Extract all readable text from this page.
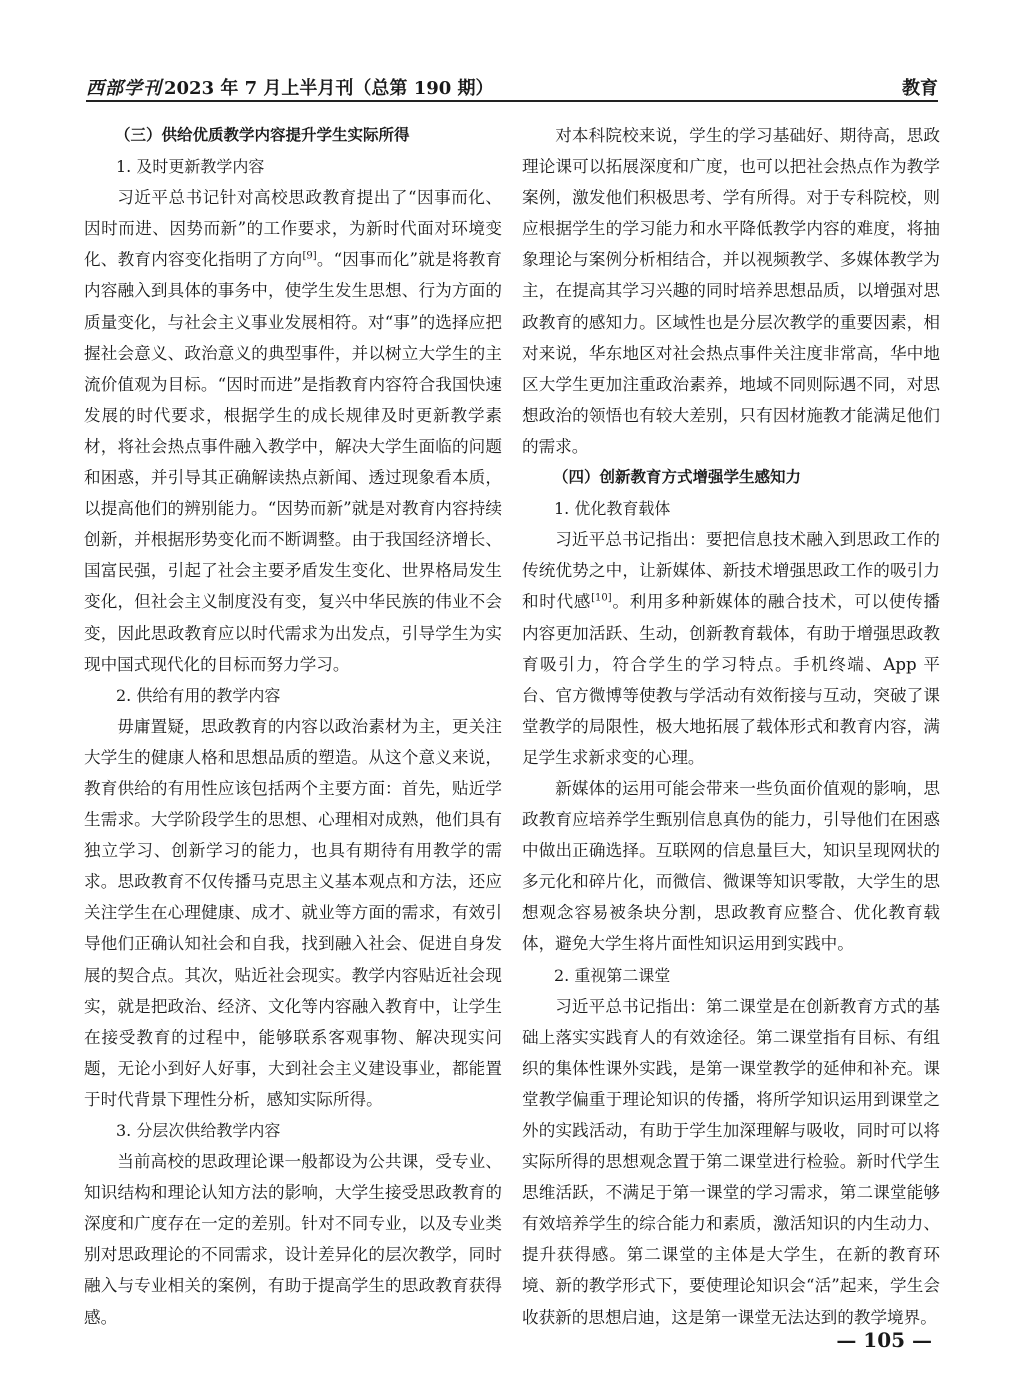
西部学刊 2023 年 7 月上半月刊（总第 190 期）	教育

（三）供给优质教学内容提升学生实际所得

1. 及时更新教学内容

习近平总书记针对高校思政教育提出了“因事而化、因时而进、因势而新”的工作要求，为新时代面对环境变化、教育内容变化指明了方向[9]。“因事而化”就是将教育内容融入到具体的事务中，使学生发生思想、行为方面的质量变化，与社会主义事业发展相符。对“事”的选择应把握社会意义、政治意义的典型事件，并以树立大学生的主流价值观为目标。“因时而进”是指教育内容符合我国快速发展的时代要求，根据学生的成长规律及时更新教学素材，将社会热点事件融入教学中，解决大学生面临的问题和困惑，并引导其正确解读热点新闻、透过现象看本质，以提高他们的辨别能力。“因势而新”就是对教育内容持续创新，并根据形势变化而不断调整。由于我国经济增长、国富民强，引起了社会主要矛盾发生变化、世界格局发生变化，但社会主义制度没有变，复兴中华民族的伟业不会变，因此思政教育应以时代需求为出发点，引导学生为实现中国式现代化的目标而努力学习。

2. 供给有用的教学内容

毋庸置疑，思政教育的内容以政治素材为主，更关注大学生的健康人格和思想品质的塑造。从这个意义来说，教育供给的有用性应该包括两个主要方面：首先，贴近学生需求。大学阶段学生的思想、心理相对成熟，他们具有独立学习、创新学习的能力，也具有期待有用教学的需求。思政教育不仅传播马克思主义基本观点和方法，还应关注学生在心理健康、成才、就业等方面的需求，有效引导他们正确认知社会和自我，找到融入社会、促进自身发展的契合点。其次，贴近社会现实。教学内容贴近社会现实，就是把政治、经济、文化等内容融入教育中，让学生在接受教育的过程中，能够联系客观事物、解决现实问题，无论小到好人好事，大到社会主义建设事业，都能置于时代背景下理性分析，感知实际所得。

3. 分层次供给教学内容

当前高校的思政理论课一般都设为公共课，受专业、知识结构和理论认知方法的影响，大学生接受思政教育的深度和广度存在一定的差别。针对不同专业，以及专业类别对思政理论的不同需求，设计差异化的层次教学，同时融入与专业相关的案例，有助于提高学生的思政教育获得感。

对本科院校来说，学生的学习基础好、期待高，思政理论课可以拓展深度和广度，也可以把社会热点作为教学案例，激发他们积极思考、学有所得。对于专科院校，则应根据学生的学习能力和水平降低教学内容的难度，将抽象理论与案例分析相结合，并以视频教学、多媒体教学为主，在提高其学习兴趣的同时培养思想品质，以增强对思政教育的感知力。区域性也是分层次教学的重要因素，相对来说，华东地区对社会热点事件关注度非常高，华中地区大学生更加注重政治素养，地域不同则际遇不同，对思想政治的领悟也有较大差别，只有因材施教才能满足他们的需求。

（四）创新教育方式增强学生感知力

1. 优化教育载体

习近平总书记指出：要把信息技术融入到思政工作的传统优势之中，让新媒体、新技术增强思政工作的吸引力和时代感[10]。利用多种新媒体的融合技术，可以使传播内容更加活跃、生动，创新教育载体，有助于增强思政教育吸引力，符合学生的学习特点。手机终端、App 平台、官方微博等使教与学活动有效衔接与互动，突破了课堂教学的局限性，极大地拓展了载体形式和教育内容，满足学生求新求变的心理。

新媒体的运用可能会带来一些负面价值观的影响，思政教育应培养学生甄别信息真伪的能力，引导他们在困惑中做出正确选择。互联网的信息量巨大，知识呈现网状的多元化和碎片化，而微信、微课等知识零散，大学生的思想观念容易被条块分割，思政教育应整合、优化教育载体，避免大学生将片面性知识运用到实践中。

2. 重视第二课堂

习近平总书记指出：第二课堂是在创新教育方式的基础上落实实践育人的有效途径。第二课堂指有目标、有组织的集体性课外实践，是第一课堂教学的延伸和补充。课堂教学偏重于理论知识的传播，将所学知识运用到课堂之外的实践活动，有助于学生加深理解与吸收，同时可以将实际所得的思想观念置于第二课堂进行检验。新时代学生思维活跃，不满足于第一课堂的学习需求，第二课堂能够有效培养学生的综合能力和素质，激活知识的内生动力、提升获得感。第二课堂的主体是大学生，在新的教育环境、新的教学形式下，要使理论知识会“活”起来，学生会收获新的思想启迪，这是第一课堂无法达到的教学境界。

— 105 —
